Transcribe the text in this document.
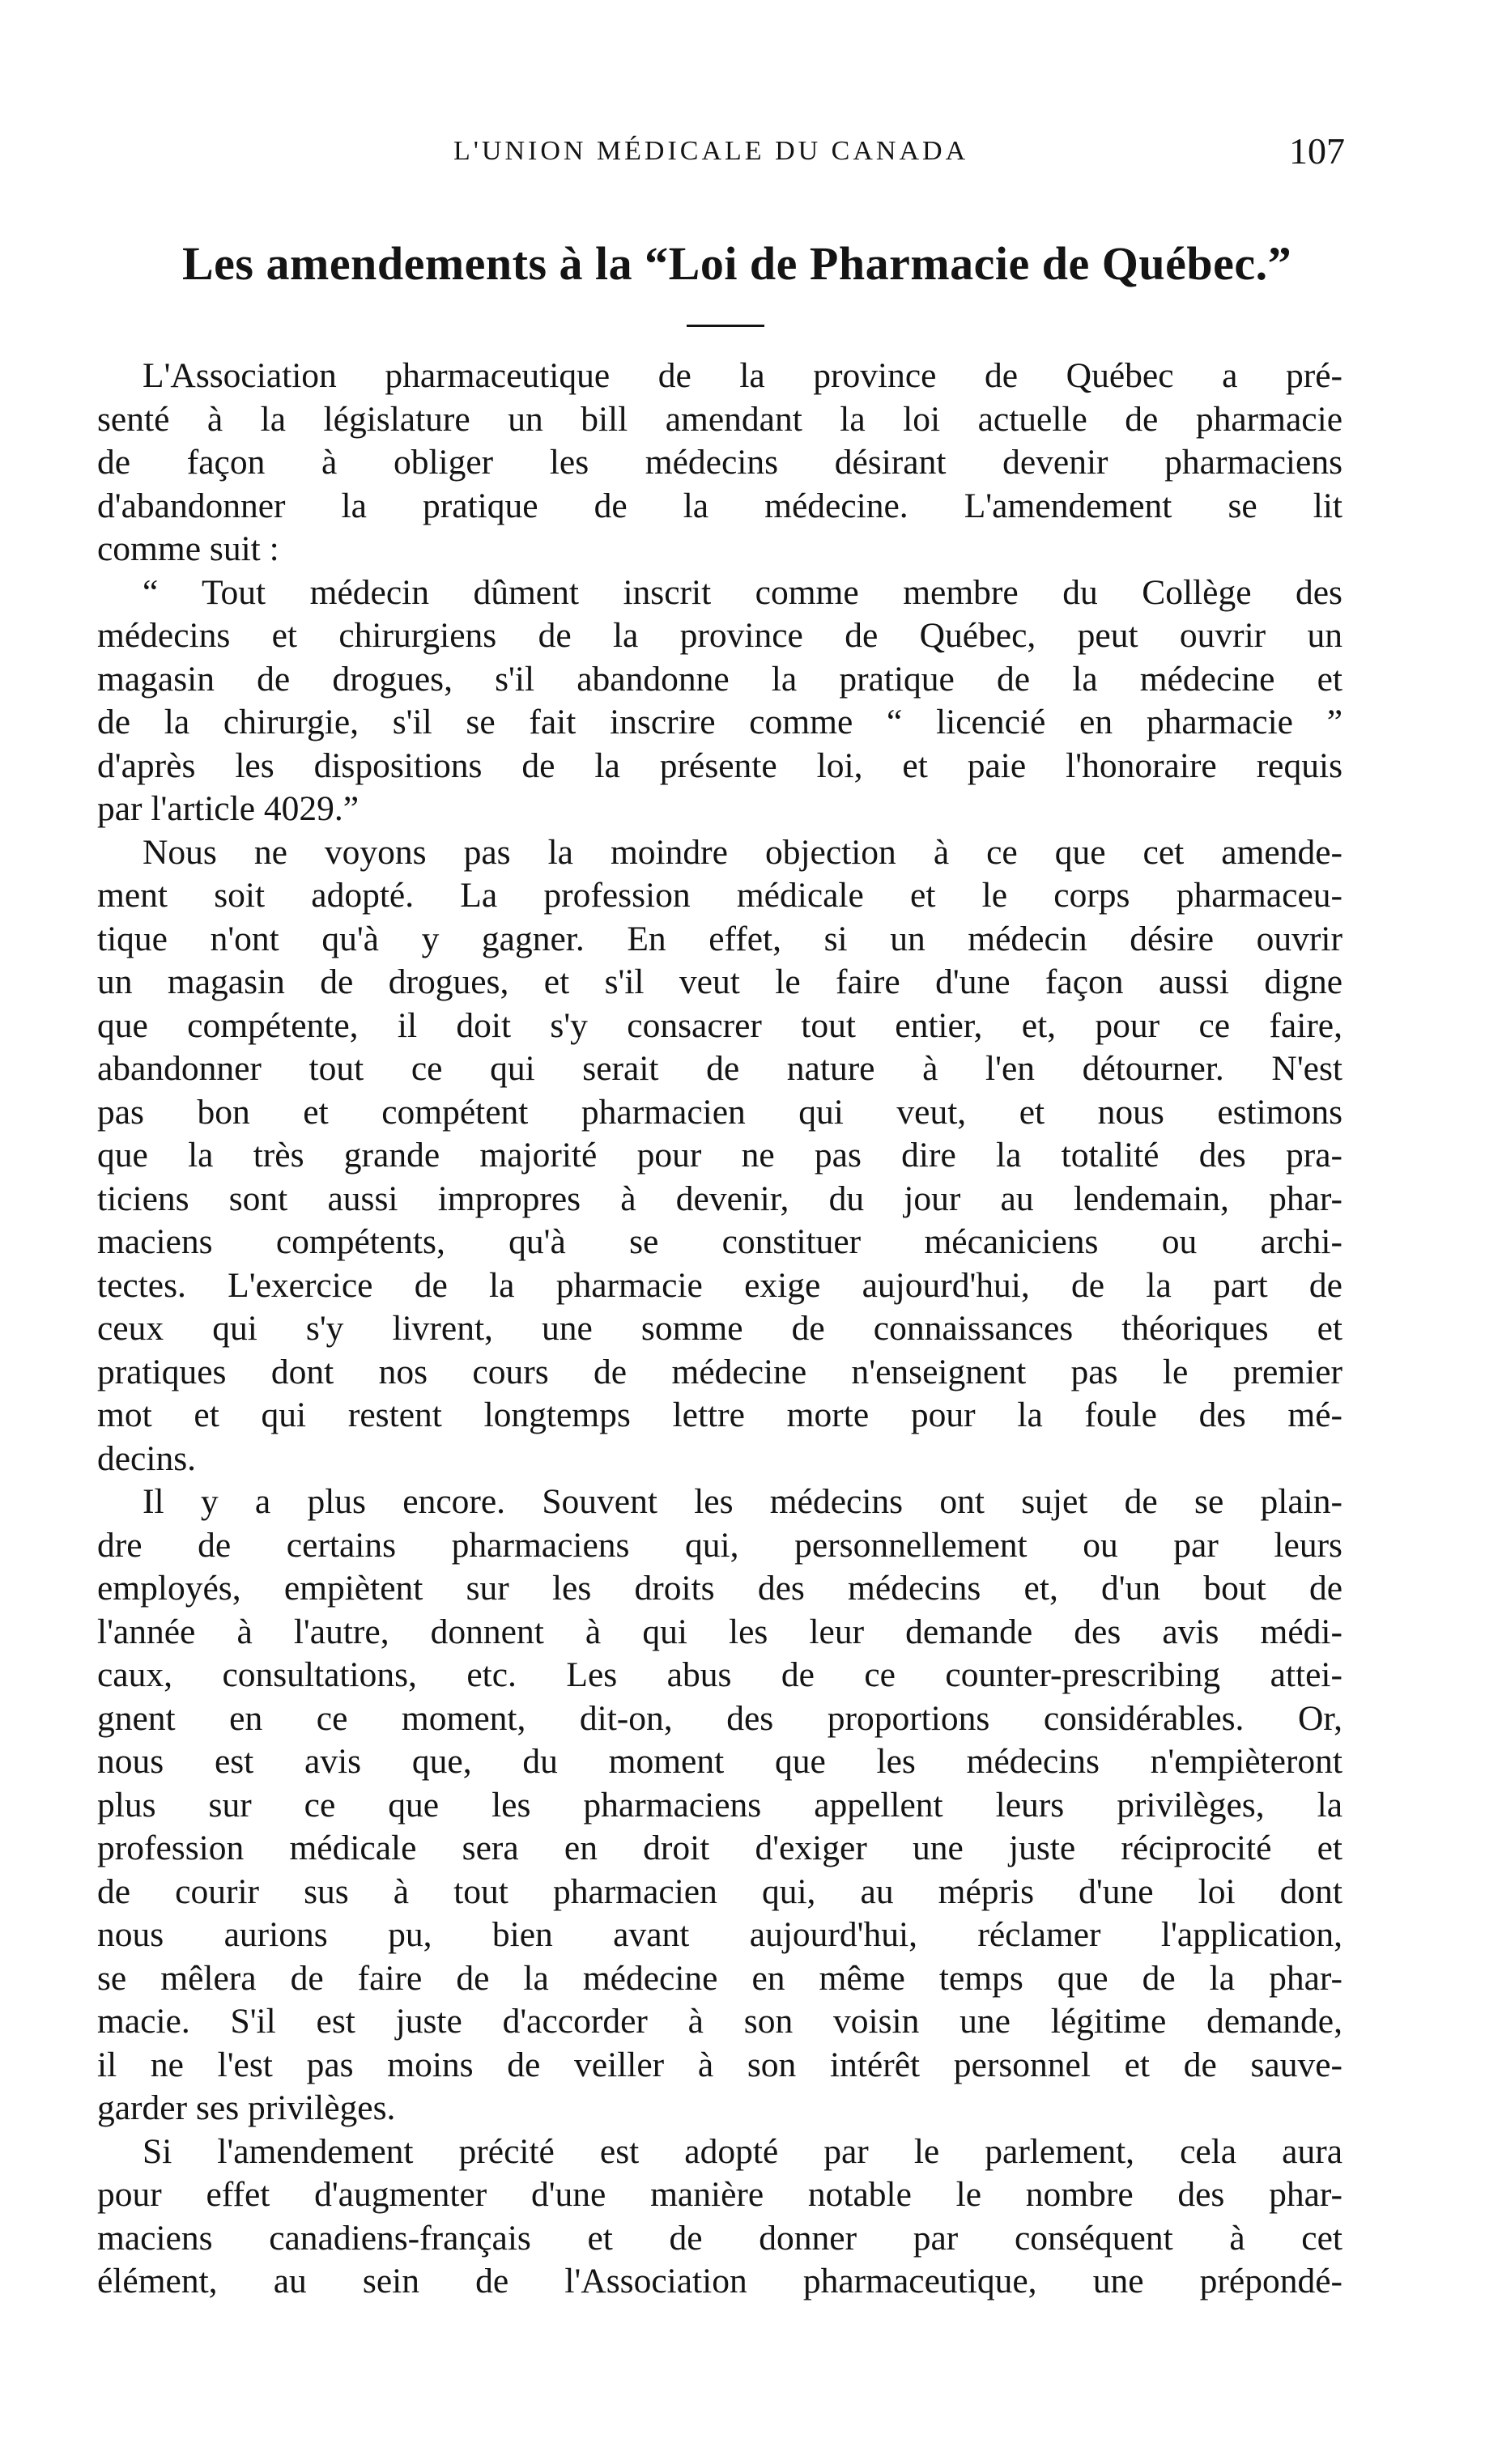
L'UNION MÉDICALE DU CANADA	107
Les amendements à la “Loi de Pharmacie de Québec.”
L'Association pharmaceutique de la province de Québec a pré-
senté à la législature un bill amendant la loi actuelle de pharmacie
de façon à obliger les médecins désirant devenir pharmaciens
d'abandonner la pratique de la médecine. L'amendement se lit
comme suit :
“ Tout médecin dûment inscrit comme membre du Collège des
médecins et chirurgiens de la province de Québec, peut ouvrir un
magasin de drogues, s'il abandonne la pratique de la médecine et
de la chirurgie, s'il se fait inscrire comme “ licencié en pharmacie ”
d'après les dispositions de la présente loi, et paie l'honoraire requis
par l'article 4029.”
Nous ne voyons pas la moindre objection à ce que cet amende-
ment soit adopté. La profession médicale et le corps pharmaceu-
tique n'ont qu'à y gagner. En effet, si un médecin désire ouvrir
un magasin de drogues, et s'il veut le faire d'une façon aussi digne
que compétente, il doit s'y consacrer tout entier, et, pour ce faire,
abandonner tout ce qui serait de nature à l'en détourner. N'est
pas bon et compétent pharmacien qui veut, et nous estimons
que la très grande majorité pour ne pas dire la totalité des pra-
ticiens sont aussi impropres à devenir, du jour au lendemain, phar-
maciens compétents, qu'à se constituer mécaniciens ou archi-
tectes. L'exercice de la pharmacie exige aujourd'hui, de la part de
ceux qui s'y livrent, une somme de connaissances théoriques et
pratiques dont nos cours de médecine n'enseignent pas le premier
mot et qui restent longtemps lettre morte pour la foule des mé-
decins.
Il y a plus encore. Souvent les médecins ont sujet de se plain-
dre de certains pharmaciens qui, personnellement ou par leurs
employés, empiètent sur les droits des médecins et, d'un bout de
l'année à l'autre, donnent à qui les leur demande des avis médi-
caux, consultations, etc. Les abus de ce counter-prescribing attei-
gnent en ce moment, dit-on, des proportions considérables. Or,
nous est avis que, du moment que les médecins n'empièteront
plus sur ce que les pharmaciens appellent leurs privilèges, la
profession médicale sera en droit d'exiger une juste réciprocité et
de courir sus à tout pharmacien qui, au mépris d'une loi dont
nous aurions pu, bien avant aujourd'hui, réclamer l'application,
se mêlera de faire de la médecine en même temps que de la phar-
macie. S'il est juste d'accorder à son voisin une légitime demande,
il ne l'est pas moins de veiller à son intérêt personnel et de sauve-
garder ses privilèges.
Si l'amendement précité est adopté par le parlement, cela aura
pour effet d'augmenter d'une manière notable le nombre des phar-
maciens canadiens-français et de donner par conséquent à cet
élément, au sein de l'Association pharmaceutique, une prépondé-
